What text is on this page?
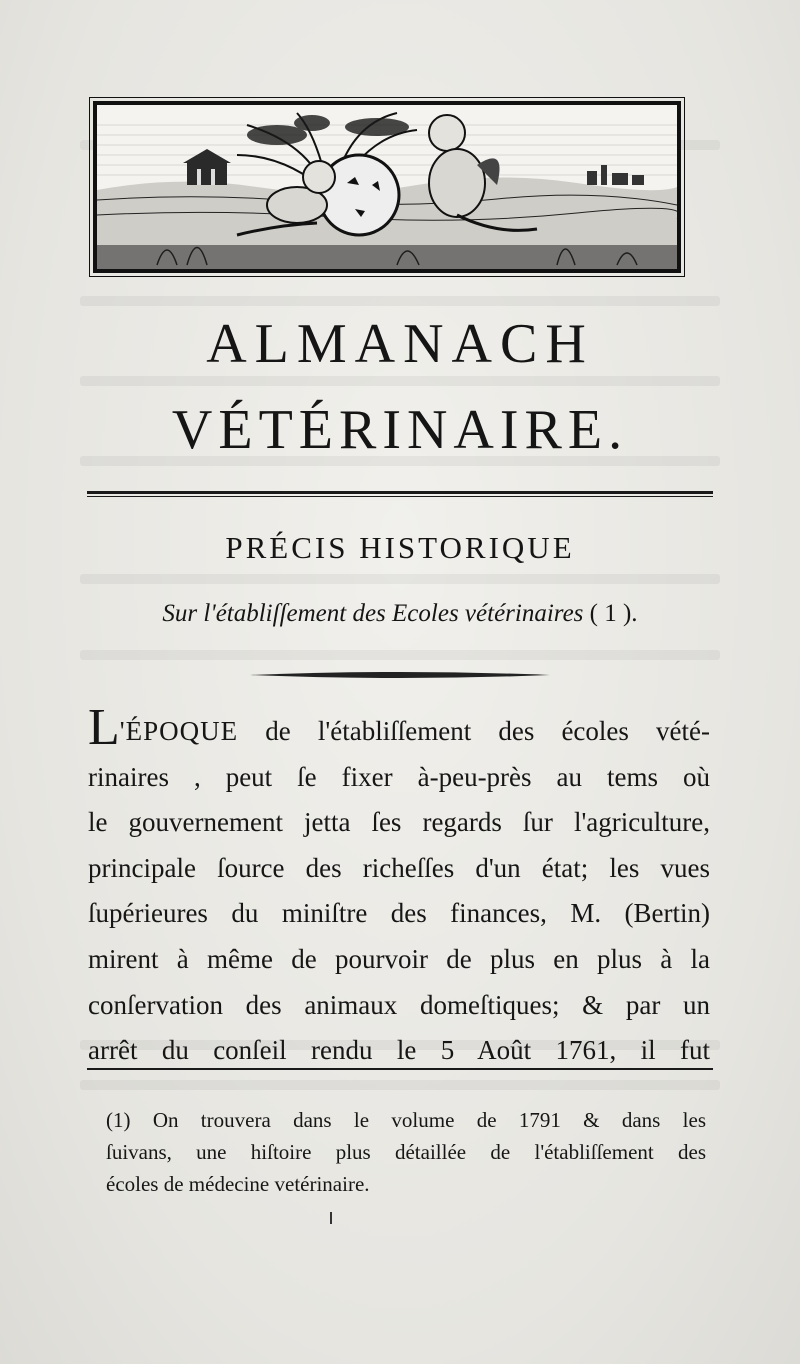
ALMANACH
VÉTÉRINAIRE.
PRÉCIS HISTORIQUE
Sur l'établiſſement des Ecoles vétérinaires ( 1 ).
L'ÉPOQUE de l'établiſſement des écoles vété-
rinaires , peut ſe fixer à-peu-près au tems où
le gouvernement jetta ſes regards ſur l'agriculture,
principale ſource des richeſſes d'un état; les vues
ſupérieures du miniſtre des finances, M. (Bertin)
mirent à même de pourvoir de plus en plus à la
conſervation des animaux domeſtiques; & par un
arrêt du conſeil rendu le 5 Août 1761, il fut
(1) On trouvera dans le volume de 1791 & dans les
ſuivans, une hiſtoire plus détaillée de l'établiſſement des
écoles de médecine vetérinaire.
